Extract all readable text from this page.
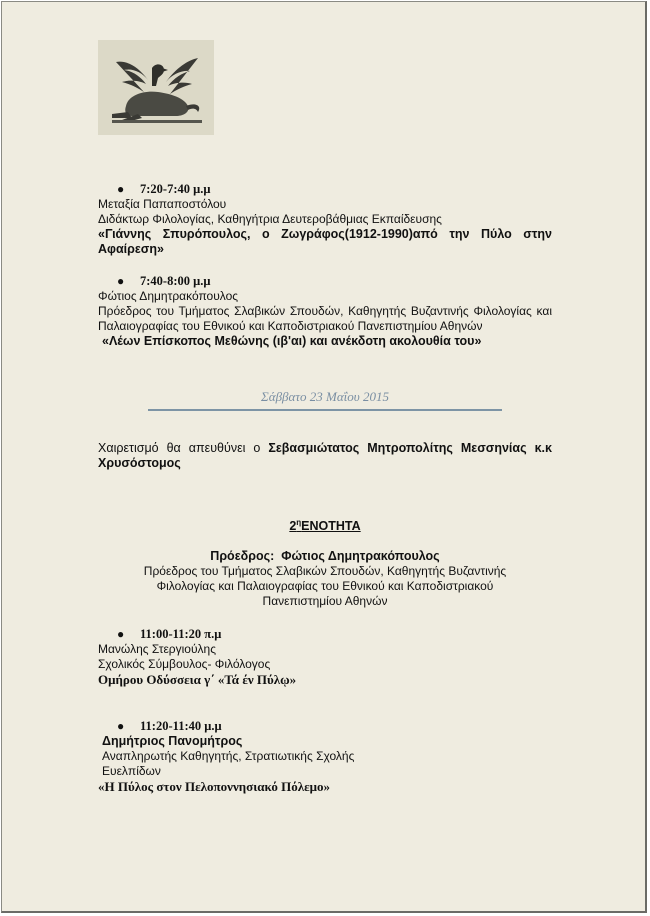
● 7:20-7:40 μ.μ
Μεταξία Παπαποστόλου
Διδάκτωρ Φιλολογίας, Καθηγήτρια Δευτεροβάθμιας Εκπαίδευσης
«Γιάννης Σπυρόπουλος, ο Ζωγράφος(1912-1990)από την Πύλο στην Αφαίρεση»
● 7:40-8:00 μ.μ
Φώτιος Δημητρακόπουλος
Πρόεδρος του Τμήματος Σλαβικών Σπουδών, Καθηγητής Βυζαντινής Φιλολογίας και Παλαιογραφίας του Εθνικού και Καποδιστριακού Πανεπιστημίου Αθηνών
«Λέων Επίσκοπος Μεθώνης (ιβ'αι) και ανέκδοτη ακολουθία του»
Σάββατο 23 Μαΐου 2015
Χαιρετισμό θα απευθύνει ο Σεβασμιώτατος Μητροπολίτης Μεσσηνίας κ.κ Χρυσόστομος
$2^\eta ENOTHTA$
Πρόεδρος: Φώτιος Δημητρακόπουλος
Πρόεδρος του Τμήματος Σλαβικών Σπουδών, Καθηγητής Βυζαντινής
Φιλολογίας και Παλαιογραφίας του Εθνικού και Καποδιστριακού
Πανεπιστημίου Αθηνών
● 11:00-11:20 π.μ
Μανώλης Στεργιούλης
Σχολικός Σύμβουλος- Φιλόλογος
Ομήρου Οδύσσεια γ΄ «Τά έν Πύλῳ»
● 11:20-11:40 μ.μ
Δημήτριος Πανομήτρος
Αναπληρωτής Καθηγητής, Στρατιωτικής Σχολής
Ευελπίδων
«Η Πύλος στον Πελοποννησιακό Πόλεμο»
